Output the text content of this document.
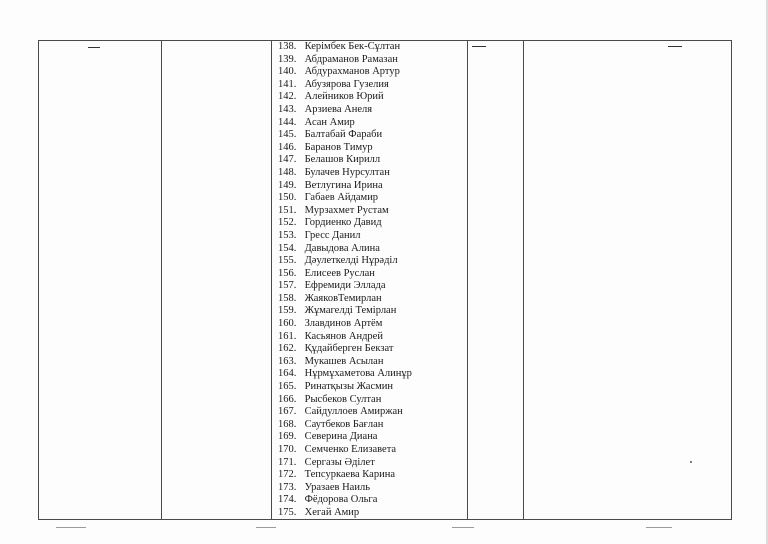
138. Керімбек Бек-Сұлтан
139. Абдраманов Рамазан
140. Абдурахманов Артур
141. Абузярова Гузелия
142. Алейников Юрий
143. Арзиева Анеля
144. Асан Амир
145. Балтабай Фараби
146. Баранов Тимур
147. Белашов Кирилл
148. Булачев Нурсултан
149. Ветлугина Ирина
150. Габаев Айдамир
151. Мурзахмет Рустам
152. Гордиенко Давид
153. Гресс Данил
154. Давыдова Алина
155. Дәулеткелді Нұрәділ
156. Елисеев Руслан
157. Ефремиди Эллада
158. ЖаяковТемирлан
159. Жұмагелді Темірлан
160. Злавдинов Артём
161. Касьянов Андрей
162. Құдайберген Бекзат
163. Мукашев Асылан
164. Нұрмұхаметова Алинұр
165. Ринатқызы Жасмин
166. Рысбеков Султан
167. Сайдуллоев Амиржан
168. Саутбеков Бағлан
169. Северина Диана
170. Семченко Елизавета
171. Сергазы Әділет
172. Тепсуркаева Карина
173. Уразаев Наиль
174. Фёдорова Ольга
175. Хегай Амир
